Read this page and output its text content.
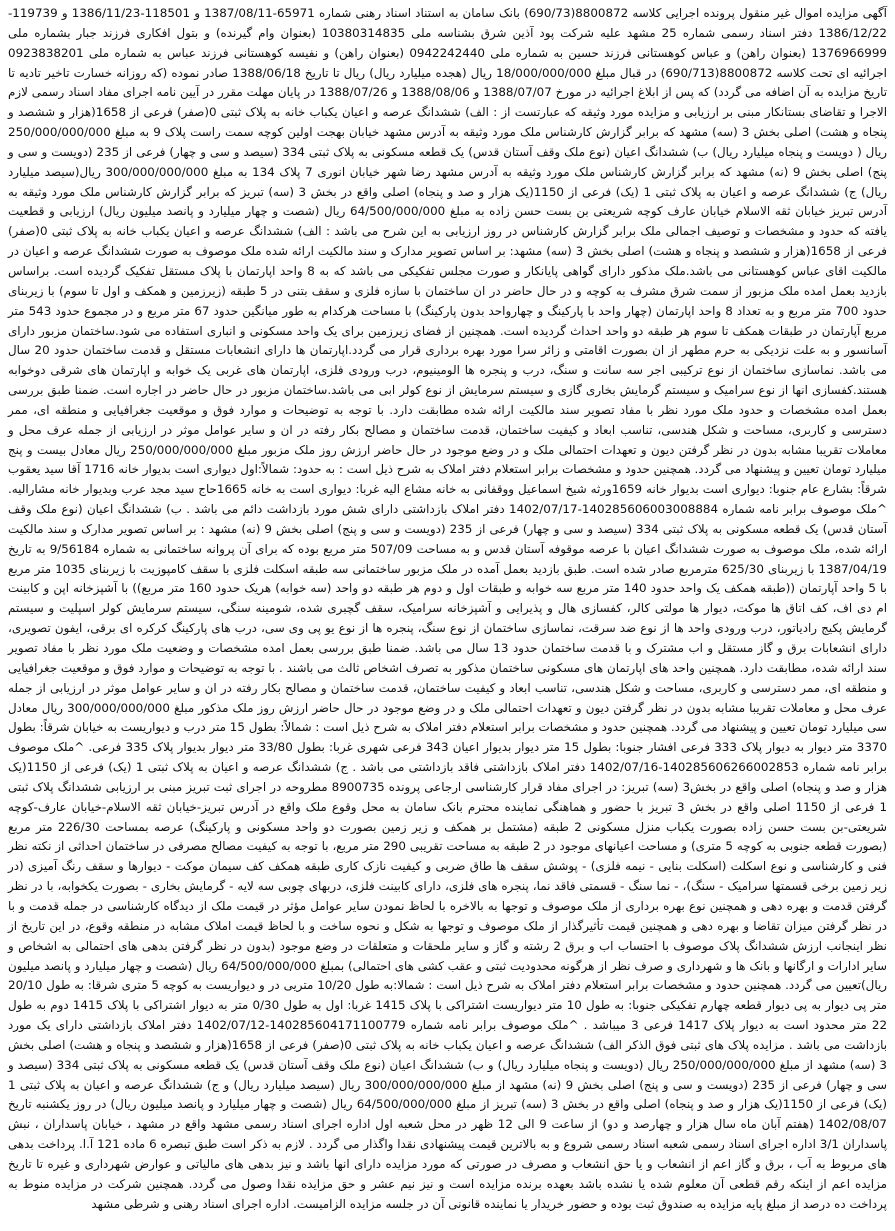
آگهی مزایده اموال غیر منقول پرونده اجرایی کلاسه 8800872(690/73) بانک سامان به استناد اسناد رهنی شماره 65971-1387/08/11 و 118501-1386/11/23 و 119739-1386/12/22 دفتر اسناد رسمی شماره 25 مشهد علیه شرکت پود آذین شرق بشناسه ملی 10380314835 (بعنوان وام گیرنده) و بتول افکاری فرزند جبار بشماره ملی 1376966999 (بعنوان راهن) و عباس کوهستانی فرزند حسین به شماره ملی 0942242440 (بعنوان راهن) و نفیسه کوهستانی فرزند عباس به شماره ملی 0923838201 اجرائیه ای تحت کلاسه 8800872(690/713) در قبال مبلغ 18/000/000/000 ریال (هجده میلیارد ریال) ریال تا تاریخ 1388/06/18 صادر نموده (که روزانه خسارت تاخیر تادیه تا تاریخ مزایده به آن اضافه می گردد) که پس از ابلاغ اجرائیه در مورخ 1388/07/07 و 1388/08/06 و 1388/07/26 در پایان مهلت مقرر در آیین نامه اجرای مفاد اسناد رسمی لازم الاجرا و تقاضای بستانکار مبنی بر ارزیابی و مزایده مورد وثیقه که عبارتست از : الف) ششدانگ عرصه و اعیان یکباب خانه به پلاک ثبتی 0(صفر) فرعی از 1658(هزار و ششصد و پنجاه و هشت) اصلی بخش 3 (سه) مشهد که برابر گزارش کارشناس ملک مورد وثیقه به آدرس مشهد خیابان بهجت اولین کوچه سمت راست پلاک 9 به مبلغ 250/000/000/000 ریال ( دویست و پنجاه میلیارد ریال) ب) ششدانگ اعیان (نوع ملک وقف آستان قدس) یک قطعه مسکونی به پلاک ثبتی 334 (سیصد و سی و چهار) فرعی از 235 (دویست و سی و پنج) اصلی بخش 9 (نه) مشهد که برابر گزارش کارشناس ملک مورد وثیقه به آدرس مشهد رضا شهر خیابان انوری 7 پلاک 134 به مبلغ 300/000/000/000 ریال(سیصد میلیارد ریال) ج) ششدانگ عرصه و اعیان به پلاک ثبتی 1 (یک) فرعی از 1150(یک هزار و صد و پنجاه) اصلی واقع در بخش 3 (سه) تبریز که برابر گزارش کارشناس ملک مورد وثیقه به آدرس تبریز خیابان ثقه الاسلام خیابان عارف کوچه شریعتی بن بست حسن زاده به مبلغ 64/500/000/000 ریال (شصت و چهار میلیارد و پانصد میلیون ریال) ارزیابی و قطعیت یافته که حدود و مشخصات و توصیف اجمالی ملک برابر گزارش کارشناس در روز ارزیابی به این شرح می باشد : الف) ششدانگ عرصه و اعیان یکباب خانه به پلاک ثبتی 0(صفر) فرعی از 1658(هزار و ششصد و پنجاه و هشت) اصلی بخش 3 (سه) مشهد: بر اساس تصویر مدارک و سند مالکیت ارائه شده ملک موصوف به صورت ششدانگ عرصه و اعیان در مالکیت اقای عباس کوهستانی می باشد.ملک مذکور دارای گواهی پایانکار و صورت مجلس تفکیکی می باشد که به 8 واحد اپارتمان با پلاک مستقل تفکیک گردیده است. براساس بازدید بعمل امده ملک مزبور از سمت شرق مشرف به کوچه و در حال حاضر در ان ساختمان با سازه فلزی و سقف بتنی در 5 طبقه (زیرزمین و همکف و اول تا سوم) با زیربنای حدود 700 متر مربع و به تعداد 8 واحد اپارتمان (چهار واحد با پارکینگ و چهارواحد بدون پارکینگ) با مساحت هرکدام به طور میانگین حدود 67 متر مربع و در مجموع حدود 543 متر مربع آپارتمان در طبقات همکف تا سوم هر طبقه دو واحد احداث گردیده است. همچنین از فضای زیرزمین برای یک واحد مسکونی و انباری استفاده می شود.ساختمان مزبور دارای آسانسور و به علت نزدیکی به حرم مطهر از ان بصورت اقامتی و زائر سرا مورد بهره برداری قرار می گردد.اپارتمان ها دارای انشعابات مستقل و قدمت ساختمان حدود 20 سال می باشد. نماسازی ساختمان از نوع ترکیبی اجر سه سانت و سنگ، درب و پنجره ها الومینیوم، درب ورودی فلزی، اپارتمان های غربی یک خوابه و اپارتمان های شرقی دوخوابه هستند.کفسازی انها از نوع سرامیک و سیستم گرمایش بخاری گازی و سیستم سرمایش از نوع کولر ابی می باشد.ساختمان مزبور در حال حاضر در اجاره است. ضمنا طبق بررسی بعمل امده مشخصات و حدود ملک مورد نظر با مفاد تصویر سند مالکیت ارائه شده مطابقت دارد. با توجه به توضیحات و موارد فوق و موقعیت جغرافیایی و منطقه ای، ممر دسترسی و کاربری، مساحت و شکل هندسی، تناسب ابعاد و کیفیت ساختمان، قدمت ساختمان و مصالح بکار رفته در ان و سایر عوامل موثر در ارزیابی از جمله عرف محل و معاملات تقریبا مشابه بدون در نظر گرفتن دیون و تعهدات احتمالی ملک و در وضع موجود در حال حاضر ارزش روز ملک مزبور مبلغ 250/000/000/000 ریال معادل بیست و پنج میلیارد تومان تعیین و پیشنهاد می گردد. همچنین حدود و مشخصات برابر استعلام دفتر املاک به شرح ذیل است : به حدود: شمالاً:اول دیواری است بدیوار خانه 1716 آقا سید یعقوب شرقاً: بشارع عام جنوبا: دیواری است بدیوار خانه 1659ورثه شیخ اسماعیل ووقفانی به خانه مشاع الیه غربا: دیواری است به خانه 1665حاج سید مجد عرب وبدیوار خانه مشارالیه. ^ملک موصوف برابر نامه شماره 140285606003008884-1402/07/17 دفتر املاک بازداشتی دارای شش مورد بازداشت دائم می باشد . ب) ششدانگ اعیان (نوع ملک وقف آستان قدس) یک قطعه مسکونی به پلاک ثبتی 334 (سیصد و سی و چهار) فرعی از 235 (دویست و سی و پنج) اصلی بخش 9 (نه) مشهد : بر اساس تصویر مدارک و سند مالکیت ارائه شده، ملک موصوف به صورت ششدانگ اعیان با عرصه موقوفه آستان قدس و به مساحت 507/09 متر مربع بوده که برای آن پروانه ساختمانی به شماره 9/56184 به تاریخ 1387/04/19 با زیربنای 625/30 مترمربع صادر شده است. طبق بازدید بعمل آمده در ملک مزبور ساختمانی سه طبقه اسکلت فلزی با سقف کامپوزیت با زیربنای 1035 متر مربع با 5 واحد آپارتمان ((طبقه همکف یک واحد حدود 140 متر مربع سه خوابه و طبقات اول و دوم هر طبقه دو واحد (سه خوابه) هریک حدود 160 متر مربع)) با آشپزخانه اپن و کابینت ام دی اف، کف اتاق ها موکت، دیوار ها مولتی کالر، کفسازی هال و پذیرایی و آشپزخانه سرامیک، سقف گچبری شده، شومینه سنگی، سیستم سرمایش کولر اسپلیت و سیستم گرمایش پکیج رادیاتور، درب ورودی واحد ها از نوع ضد سرقت، نماسازی ساختمان از نوع سنگ، پنجره ها از نوع یو پی وی سی، درب های پارکینگ کرکره ای برقی، ایفون تصویری، دارای انشعابات برق و گاز مستقل و اب مشترک و با قدمت ساختمان حدود 13 سال می باشد. ضمنا طبق بررسی بعمل امده مشخصات و وضعیت ملک مورد نظر با مفاد تصویر سند ارائه شده، مطابقت دارد. همچنین واحد های اپارتمان های مسکونی ساختمان مذکور به تصرف اشخاص ثالث می باشند . با توجه به توضیحات و موارد فوق و موقعیت جغرافیایی و منطقه ای، ممر دسترسی و کاربری، مساحت و شکل هندسی، تناسب ابعاد و کیفیت ساختمان، قدمت ساختمان و مصالح بکار رفته در ان و سایر عوامل موثر در ارزیابی از جمله عرف محل و معاملات تقریبا مشابه بدون در نظر گرفتن دیون و تعهدات احتمالی ملک و در وضع موجود در حال حاضر ارزش روز ملک مذکور مبلغ 300/000/000/000 ریال معادل سی میلیارد تومان تعیین و پیشنهاد می گردد. همچنین حدود و مشخصات برابر استعلام دفتر املاک به شرح ذیل است : شمالاً: بطول 15 متر درب و دیواریست به خیابان شرقاً: بطول 3370 متر دیوار به دیوار پلاک 333 فرعی افشار جنوبا: بطول 15 متر دیوار بدیوار اعیان 343 فرعی شهری غربا: بطول 33/80 متر دیوار بدیوار پلاک 335 فرعی. ^ملک موصوف برابر نامه شماره 140285606266002853-1402/07/16 دفتر املاک بازداشتی فاقد بازداشتی می باشد . ج) ششدانگ عرصه و اعیان به پلاک ثبتی 1 (یک) فرعی از 1150(یک هزار و صد و پنجاه) اصلی واقع در بخش3 (سه) تبریز: در اجرای مفاد قرار کارشناسی ارجاعی پرونده 8900735 مطروحه در اجرای ثبت تبریز مبنی بر ارزیابی ششدانگ پلاک ثبتی 1 فرعی از 1150 اصلی واقع در بخش 3 تبریز با حضور و هماهنگی نماینده محترم بانک سامان به محل وقوع ملک واقع در آدرس تبریز-خیابان ثقه الاسلام-خیابان عارف-کوچه شریعتی-بن بست حسن زاده بصورت یکباب منزل مسکونی 2 طبقه (مشتمل بر همکف و زیر زمین بصورت دو واحد مسکونی و پارکینگ) عرصه بمساحت 226/30 متر مربع (بصورت قطعه جنوبی به کوچه 5 متری) و مساحت اعیانهای موجود در 2 طبقه به مساحت تقریبی 290 متر مربع، با توجه به کیفیت مصالح مصرفی در ساختمان احداثی از نکته نظر فنی و کارشناسی و نوع اسکلت (اسکلت بنایی - نیمه فلزی) - پوشش سقف ها طاق ضربی و کیفیت نازک کاری طبقه همکف کف سیمان موکت - دیوارها و سقف رنگ آمیزی (در زیر زمین برخی قسمتها سرامیک - سنگ)، - نما سنگ - قسمتی فاقد نما، پنجره های فلزی، دارای کابینت فلزی، دربهای چوبی سه لایه - گرمایش بخاری - بصورت یکخوابه، با در نظر گرفتن قدمت و بهره دهی و همچنین نوع بهره برداری از ملک موصوف و توجها به بالاخره با لحاظ نمودن سایر عوامل مؤثر در قیمت ملک از دیدگاه کارشناسی در جمله قدمت و با در نظر گرفتن میزان تقاضا و بهره دهی و همچنین قیمت تأثیرگذار از ملک موصوف و توجها به شکل و نحوه ساخت و با لحاظ قیمت املاک مشابه در منطقه وقوع، در این تاریخ از نظر اینجانب ارزش ششدانگ پلاک موصوف با احتساب اب و برق 2 رشته و گاز و سایر ملحقات و متعلقات در وضع موجود (بدون در نظر گرفتن بدهی های احتمالی به اشخاص و سایر ادارات و ارگانها و بانک ها و شهرداری و صرف نظر از هرگونه محدودیت ثبتی و عقب کشی های احتمالی) بمبلغ 64/500/000/000 ریال (شصت و چهار میلیارد و پانصد میلیون ریال)تعیین می گردد. همچنین حدود و مشخصات برابر استعلام دفتر املاک به شرح ذیل است : شمالا:به طول 10/20 متریی در و دیواریست به کوچه 5 متری شرقا: به طول 20/10 متر پی دیوار به پی دیوار قطعه چهارم تفکیکی جنوبا: به طول 10 متر دیواریست اشتراکی با پلاک 1415 غربا: اول به طول 0/30 متر به دیوار اشتراکی با پلاک 1415 دوم به طول 22 متر محدود است به دیوار پلاک 1417 فرعی 3 میباشد . ^ملک موصوف برابر نامه شماره 140285604171100779-1402/07/12 دفتر املاک بازداشتی دارای یک مورد بازداشت می باشد . مزایده پلاک های ثبتی فوق الذکر الف) ششدانگ عرصه و اعیان یکباب خانه به پلاک ثبتی 0(صفر) فرعی از 1658(هزار و ششصد و پنجاه و هشت) اصلی بخش 3 (سه) مشهد از مبلغ 250/000/000/000 ریال (دویست و پنجاه میلیارد ریال) و ب) ششدانگ اعیان (نوع ملک وقف آستان قدس) یک قطعه مسکونی به پلاک ثبتی 334 (سیصد و سی و چهار) فرعی از 235 (دویست و سی و پنج) اصلی بخش 9 (نه) مشهد از مبلغ 300/000/000/000 ریال (سیصد میلیارد ریال) و ج) ششدانگ عرصه و اعیان به پلاک ثبتی 1 (یک) فرعی از 1150(یک هزار و صد و پنجاه) اصلی واقع در بخش 3 (سه) تبریز از مبلغ 64/500/000/000 ریال (شصت و چهار میلیارد و پانصد میلیون ریال) در روز یکشنبه تاریخ 1402/08/07 (هفتم آبان ماه سال هزار و چهارصد و دو) از ساعت 9 الی 12 ظهر در محل شعبه اول اداره اجرای اسناد رسمی مشهد واقع در مشهد ، خیابان پاسداران ، نبش پاسداران 3/1 اداره اجرای اسناد رسمی شعبه اسناد رسمی شروع و به بالاترین قیمت پیشنهادی نقدا واگذار می گردد . لازم به ذکر است طبق تبصره 6 ماده 121 آ.ا. پرداخت بدهی های مربوط به آب ، برق و گاز اعم از انشعاب و یا حق انشعاب و مصرف در صورتی که مورد مزایده دارای انها باشد و نیز بدهی های مالیاتی و عوارض شهرداری و غیره تا تاریخ مزایده اعم از اینکه رقم قطعی آن معلوم شده یا نشده باشد بعهده برنده مزایده است و نیز نیم عشر و حق مزایده نقدا وصول می گردد. همچنین شرکت در مزایده منوط به پرداخت ده درصد از مبلغ پایه مزایده به صندوق ثبت بوده و حضور خریدار یا نماینده قانونی آن در جلسه مزایده الزامیست. اداره اجرای اسناد رهنی و شرطی مشهد
